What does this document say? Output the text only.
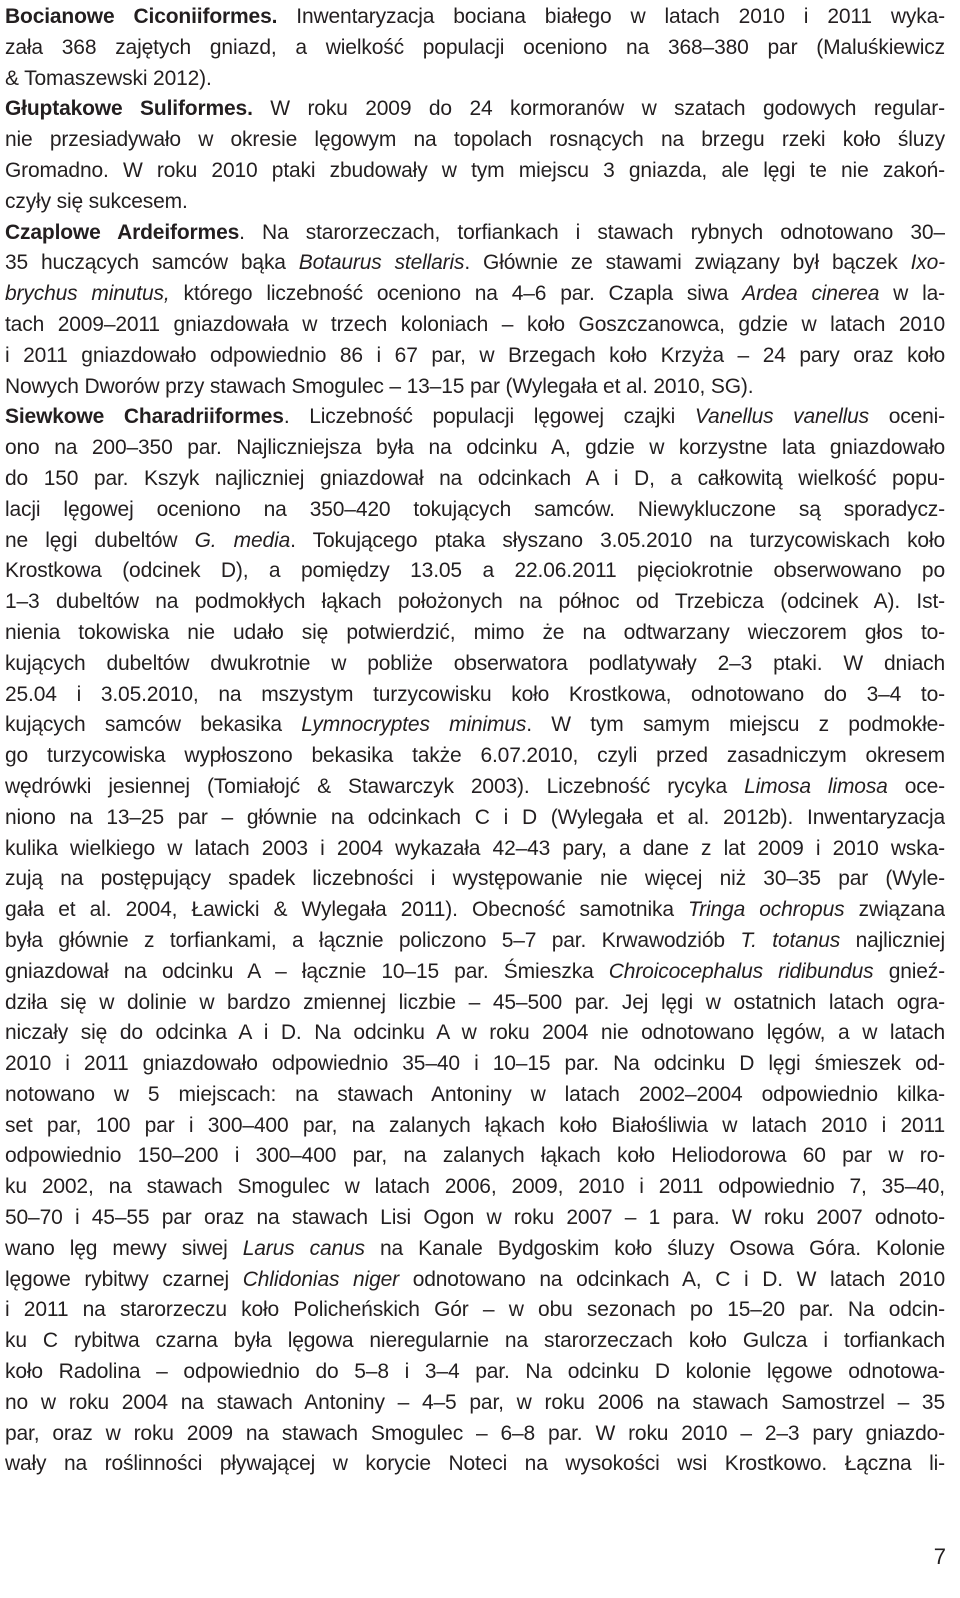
Bocianowe Ciconiiformes. Inwentaryzacja bociana białego w latach 2010 i 2011 wyka-
zała 368 zajętych gniazd, a wielkość populacji oceniono na 368–380 par (Maluśkiewicz
& Tomaszewski 2012).
Głuptakowe Suliformes. W roku 2009 do 24 kormoranów w szatach godowych regular-
nie przesiadywało w okresie lęgowym na topolach rosnących na brzegu rzeki koło śluzy
Gromadno. W roku 2010 ptaki zbudowały w tym miejscu 3 gniazda, ale lęgi te nie zakoń-
czyły się sukcesem.
Czaplowe Ardeiformes. Na starorzeczach, torfiankach i stawach rybnych odnotowano 30–
35 huczących samców bąka Botaurus stellaris. Głównie ze stawami związany był bączek Ixo-
brychus minutus, którego liczebność oceniono na 4–6 par. Czapla siwa Ardea cinerea w la-
tach 2009–2011 gniazdowała w trzech koloniach – koło Goszczanowca, gdzie w latach 2010
i 2011 gniazdowało odpowiednio 86 i 67 par, w Brzegach koło Krzyża – 24 pary oraz koło
Nowych Dworów przy stawach Smogulec – 13–15 par (Wylegała et al. 2010, SG).
Siewkowe Charadriiformes. Liczebność populacji lęgowej czajki Vanellus vanellus oceni-
ono na 200–350 par. Najliczniejsza była na odcinku A, gdzie w korzystne lata gniazdowało
do 150 par. Kszyk najliczniej gniazdował na odcinkach A i D, a całkowitą wielkość popu-
lacji lęgowej oceniono na 350–420 tokujących samców. Niewykluczone są sporadycz-
ne lęgi dubeltów G. media. Tokującego ptaka słyszano 3.05.2010 na turzycowiskach koło
Krostkowa (odcinek D), a pomiędzy 13.05 a 22.06.2011 pięciokrotnie obserwowano po
1–3 dubeltów na podmokłych łąkach położonych na północ od Trzebicza (odcinek A). Ist-
nienia tokowiska nie udało się potwierdzić, mimo że na odtwarzany wieczorem głos to-
kujących dubeltów dwukrotnie w pobliże obserwatora podlatywały 2–3 ptaki. W dniach
25.04 i 3.05.2010, na mszystym turzycowisku koło Krostkowa, odnotowano do 3–4 to-
kujących samców bekasika Lymnocryptes minimus. W tym samym miejscu z podmokłe-
go turzycowiska wypłoszono bekasika także 6.07.2010, czyli przed zasadniczym okresem
wędrówki jesiennej (Tomiałojć & Stawarczyk 2003). Liczebność rycyka Limosa limosa oce-
niono na 13–25 par – głównie na odcinkach C i D (Wylegała et al. 2012b). Inwentaryzacja
kulika wielkiego w latach 2003 i 2004 wykazała 42–43 pary, a dane z lat 2009 i 2010 wska-
zują na postępujący spadek liczebności i występowanie nie więcej niż 30–35 par (Wyle-
gała et al. 2004, Ławicki & Wylegała 2011). Obecność samotnika Tringa ochropus związana
była głównie z torfiankami, a łącznie policzono 5–7 par. Krwawodziób T. totanus najliczniej
gniazdował na odcinku A – łącznie 10–15 par. Śmieszka Chroicocephalus ridibundus gnieź-
dziła się w dolinie w bardzo zmiennej liczbie – 45–500 par. Jej lęgi w ostatnich latach ogra-
niczały się do odcinka A i D. Na odcinku A w roku 2004 nie odnotowano lęgów, a w latach
2010 i 2011 gniazdowało odpowiednio 35–40 i 10–15 par. Na odcinku D lęgi śmieszek od-
notowano w 5 miejscach: na stawach Antoniny w latach 2002–2004 odpowiednio kilka-
set par, 100 par i 300–400 par, na zalanych łąkach koło Białośliwia w latach 2010 i 2011
odpowiednio 150–200 i 300–400 par, na zalanych łąkach koło Heliodorowa 60 par w ro-
ku 2002, na stawach Smogulec w latach 2006, 2009, 2010 i 2011 odpowiednio 7, 35–40,
50–70 i 45–55 par oraz na stawach Lisi Ogon w roku 2007 – 1 para. W roku 2007 odnoto-
wano lęg mewy siwej Larus canus na Kanale Bydgoskim koło śluzy Osowa Góra. Kolonie
lęgowe rybitwy czarnej Chlidonias niger odnotowano na odcinkach A, C i D. W latach 2010
i 2011 na starorzeczu koło Policheńskich Gór – w obu sezonach po 15–20 par. Na odcin-
ku C rybitwa czarna była lęgowa nieregularnie na starorzeczach koło Gulcza i torfiankach
koło Radolina – odpowiednio do 5–8 i 3–4 par. Na odcinku D kolonie lęgowe odnotowa-
no w roku 2004 na stawach Antoniny – 4–5 par, w roku 2006 na stawach Samostrzel – 35
par, oraz w roku 2009 na stawach Smogulec – 6–8 par. W roku 2010 – 2–3 pary gniazdo-
wały na roślinności pływającej w korycie Noteci na wysokości wsi Krostkowo. Łączna li-
7
